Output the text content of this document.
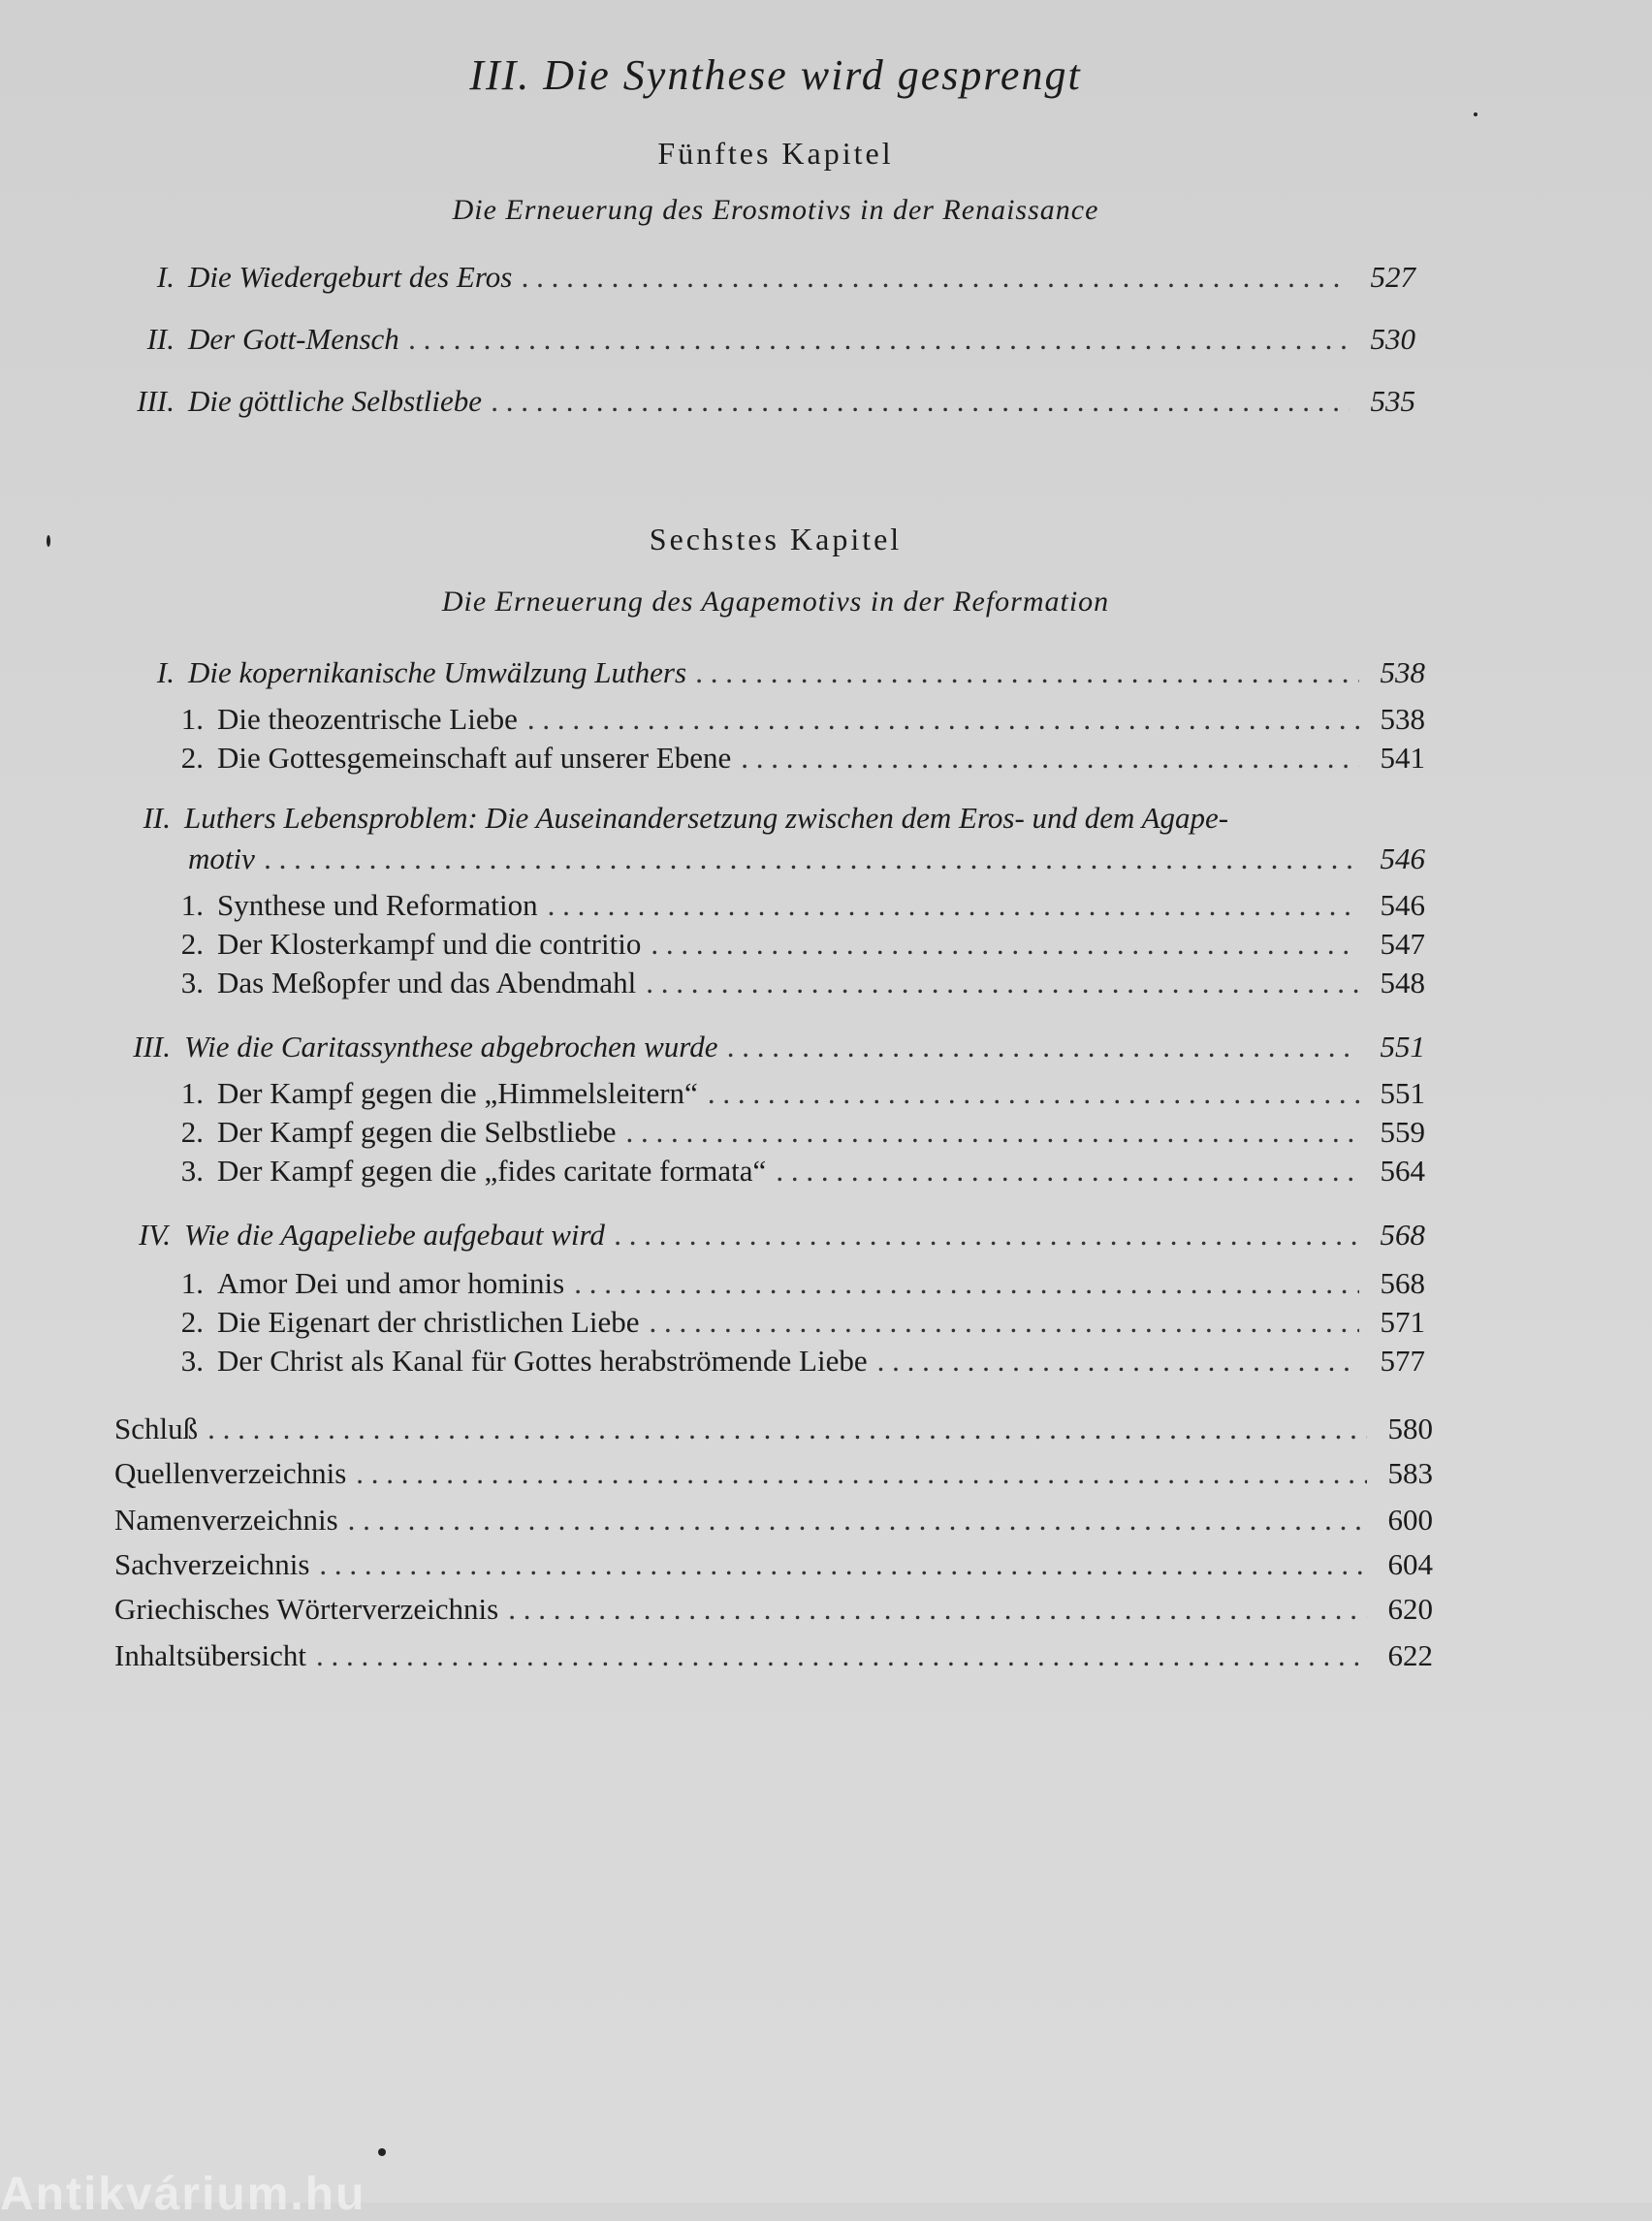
III. Die Synthese wird gesprengt
Fünftes Kapitel
Die Erneuerung des Erosmotivs in der Renaissance
I. Die Wiedergeburt des Eros . . .	527
II. Der Gott-Mensch . . .	530
III. Die göttliche Selbstliebe . . .	535
Sechstes Kapitel
Die Erneuerung des Agapemotivs in der Reformation
I. Die kopernikanische Umwälzung Luthers . . .	538
1. Die theozentrische Liebe . . .	538
2. Die Gottesgemeinschaft auf unserer Ebene . . .	541
II. Luthers Lebensproblem: Die Auseinandersetzung zwischen dem Eros- und dem Agape-
motiv . . .	546
1. Synthese und Reformation . . .	546
2. Der Klosterkampf und die contritio . . .	547
3. Das Meßopfer und das Abendmahl . . .	548
III. Wie die Caritassynthese abgebrochen wurde . . .	551
1. Der Kampf gegen die „Himmelsleitern“ . . .	551
2. Der Kampf gegen die Selbstliebe . . .	559
3. Der Kampf gegen die „fides caritate formata“ . . .	564
IV. Wie die Agapeliebe aufgebaut wird . . .	568
1. Amor Dei und amor hominis . . .	568
2. Die Eigenart der christlichen Liebe . . .	571
3. Der Christ als Kanal für Gottes herabströmende Liebe . . .	577
Schluß . . .	580
Quellenverzeichnis . . .	583
Namenverzeichnis . . .	600
Sachverzeichnis . . .	604
Griechisches Wörterverzeichnis . . .	620
Inhaltsübersicht . . .	622
Antikvárium.hu
